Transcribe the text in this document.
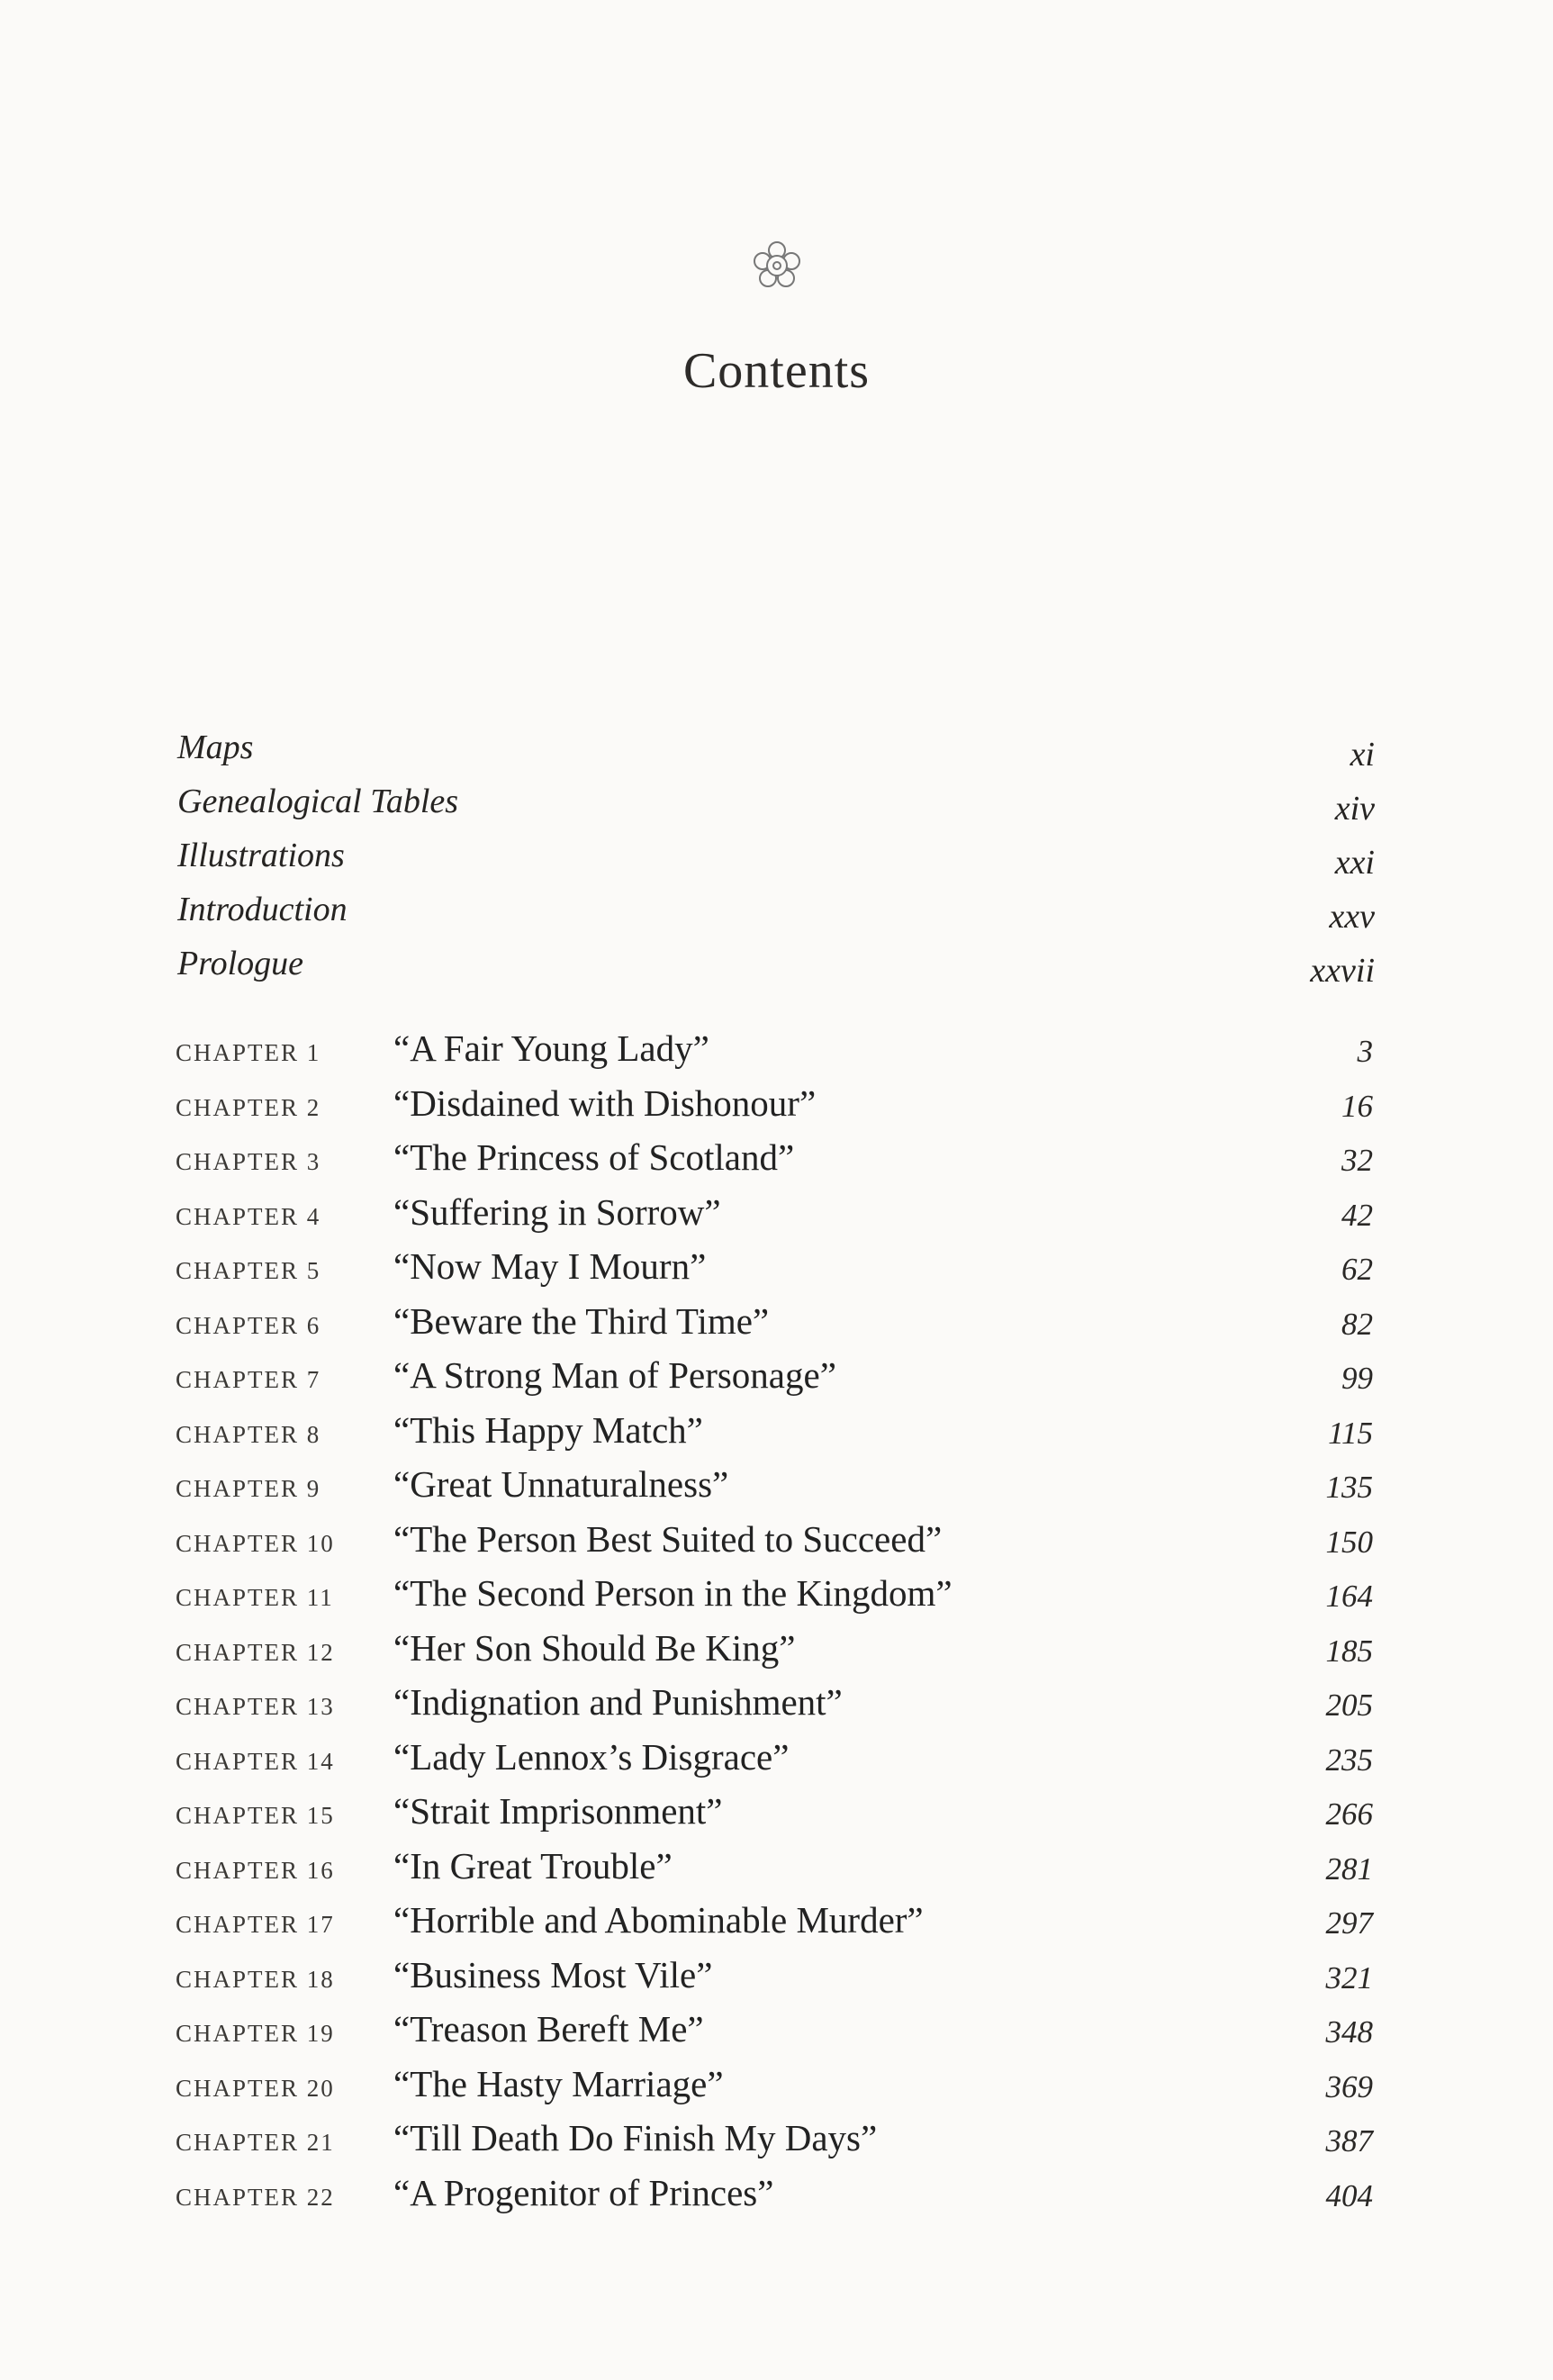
Contents
Maps	xi
Genealogical Tables	xiv
Illustrations	xxi
Introduction	xxv
Prologue	xxvii
CHAPTER 1 “A Fair Young Lady”	3
CHAPTER 2 “Disdained with Dishonour”	16
CHAPTER 3 “The Princess of Scotland”	32
CHAPTER 4 “Suffering in Sorrow”	42
CHAPTER 5 “Now May I Mourn”	62
CHAPTER 6 “Beware the Third Time”	82
CHAPTER 7 “A Strong Man of Personage”	99
CHAPTER 8 “This Happy Match”	115
CHAPTER 9 “Great Unnaturalness”	135
CHAPTER 10 “The Person Best Suited to Succeed”	150
CHAPTER 11 “The Second Person in the Kingdom”	164
CHAPTER 12 “Her Son Should Be King”	185
CHAPTER 13 “Indignation and Punishment”	205
CHAPTER 14 “Lady Lennox’s Disgrace”	235
CHAPTER 15 “Strait Imprisonment”	266
CHAPTER 16 “In Great Trouble”	281
CHAPTER 17 “Horrible and Abominable Murder”	297
CHAPTER 18 “Business Most Vile”	321
CHAPTER 19 “Treason Bereft Me”	348
CHAPTER 20 “The Hasty Marriage”	369
CHAPTER 21 “Till Death Do Finish My Days”	387
CHAPTER 22 “A Progenitor of Princes”	404
